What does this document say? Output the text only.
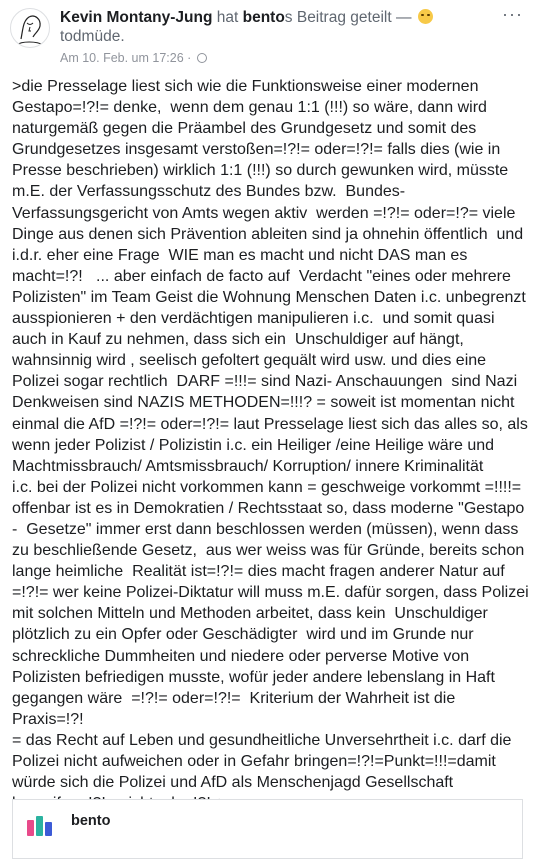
Kevin Montany-Jung hat bentos Beitrag geteilt —
todmüde.
Am 10. Feb. um 17:26 ·
···
>die Presselage liest sich wie die Funktionsweise einer modernen
Gestapo=!?!= denke,  wenn dem genau 1:1 (!!!) so wäre, dann wird
naturgemäß gegen die Präambel des Grundgesetz und somit des
Grundgesetzes insgesamt verstoßen=!?!= oder=!?!= falls dies (wie in
Presse beschrieben) wirklich 1:1 (!!!) so durch gewunken wird, müsste
m.E. der Verfassungsschutz des Bundes bzw.  Bundes-
Verfassungsgericht von Amts wegen aktiv  werden =!?!= oder=!?= viele
Dinge aus denen sich Prävention ableiten sind ja ohnehin öffentlich  und
i.d.r. eher eine Frage  WIE man es macht und nicht DAS man es
macht=!?!   ... aber einfach de facto auf  Verdacht "eines oder mehrere
Polizisten" im Team Geist die Wohnung Menschen Daten i.c. unbegrenzt
ausspionieren + den verdächtigen manipulieren i.c.  und somit quasi
auch in Kauf zu nehmen, dass sich ein  Unschuldiger auf hängt,
wahnsinnig wird , seelisch gefoltert gequält wird usw. und dies eine
Polizei sogar rechtlich  DARF =!!!= sind Nazi- Anschauungen  sind Nazi
Denkweisen sind NAZIS METHODEN=!!!? = soweit ist momentan nicht
einmal die AfD =!?!= oder=!?!= laut Presselage liest sich das alles so, als
wenn jeder Polizist / Polizistin i.c. ein Heiliger /eine Heilige wäre und
Machtmissbrauch/ Amtsmissbrauch/ Korruption/ innere Kriminalität
i.c. bei der Polizei nicht vorkommen kann = geschweige vorkommt =!!!!=
offenbar ist es in Demokratien / Rechtsstaat so, dass moderne "Gestapo
-  Gesetze" immer erst dann beschlossen werden (müssen), wenn dass
zu beschließende Gesetz,  aus wer weiss was für Gründe, bereits schon
lange heimliche  Realität ist=!?!= dies macht fragen anderer Natur auf
=!?!= wer keine Polizei-Diktatur will muss m.E. dafür sorgen, dass Polizei
mit solchen Mitteln und Methoden arbeitet, dass kein  Unschuldiger
plötzlich zu ein Opfer oder Geschädigter  wird und im Grunde nur
schreckliche Dummheiten und niedere oder perverse Motive von
Polizisten befriedigen musste, wofür jeder andere lebenslang in Haft
gegangen wäre  =!?!= oder=!?!=  Kriterium der Wahrheit ist die Praxis=!?!
= das Recht auf Leben und gesundheitliche Unversehrtheit i.c. darf die
Polizei nicht aufweichen oder in Gefahr bringen=!?!=Punkt=!!!=damit
würde sich die Polizei und AfD als Menschenjagd Gesellschaft
bento
